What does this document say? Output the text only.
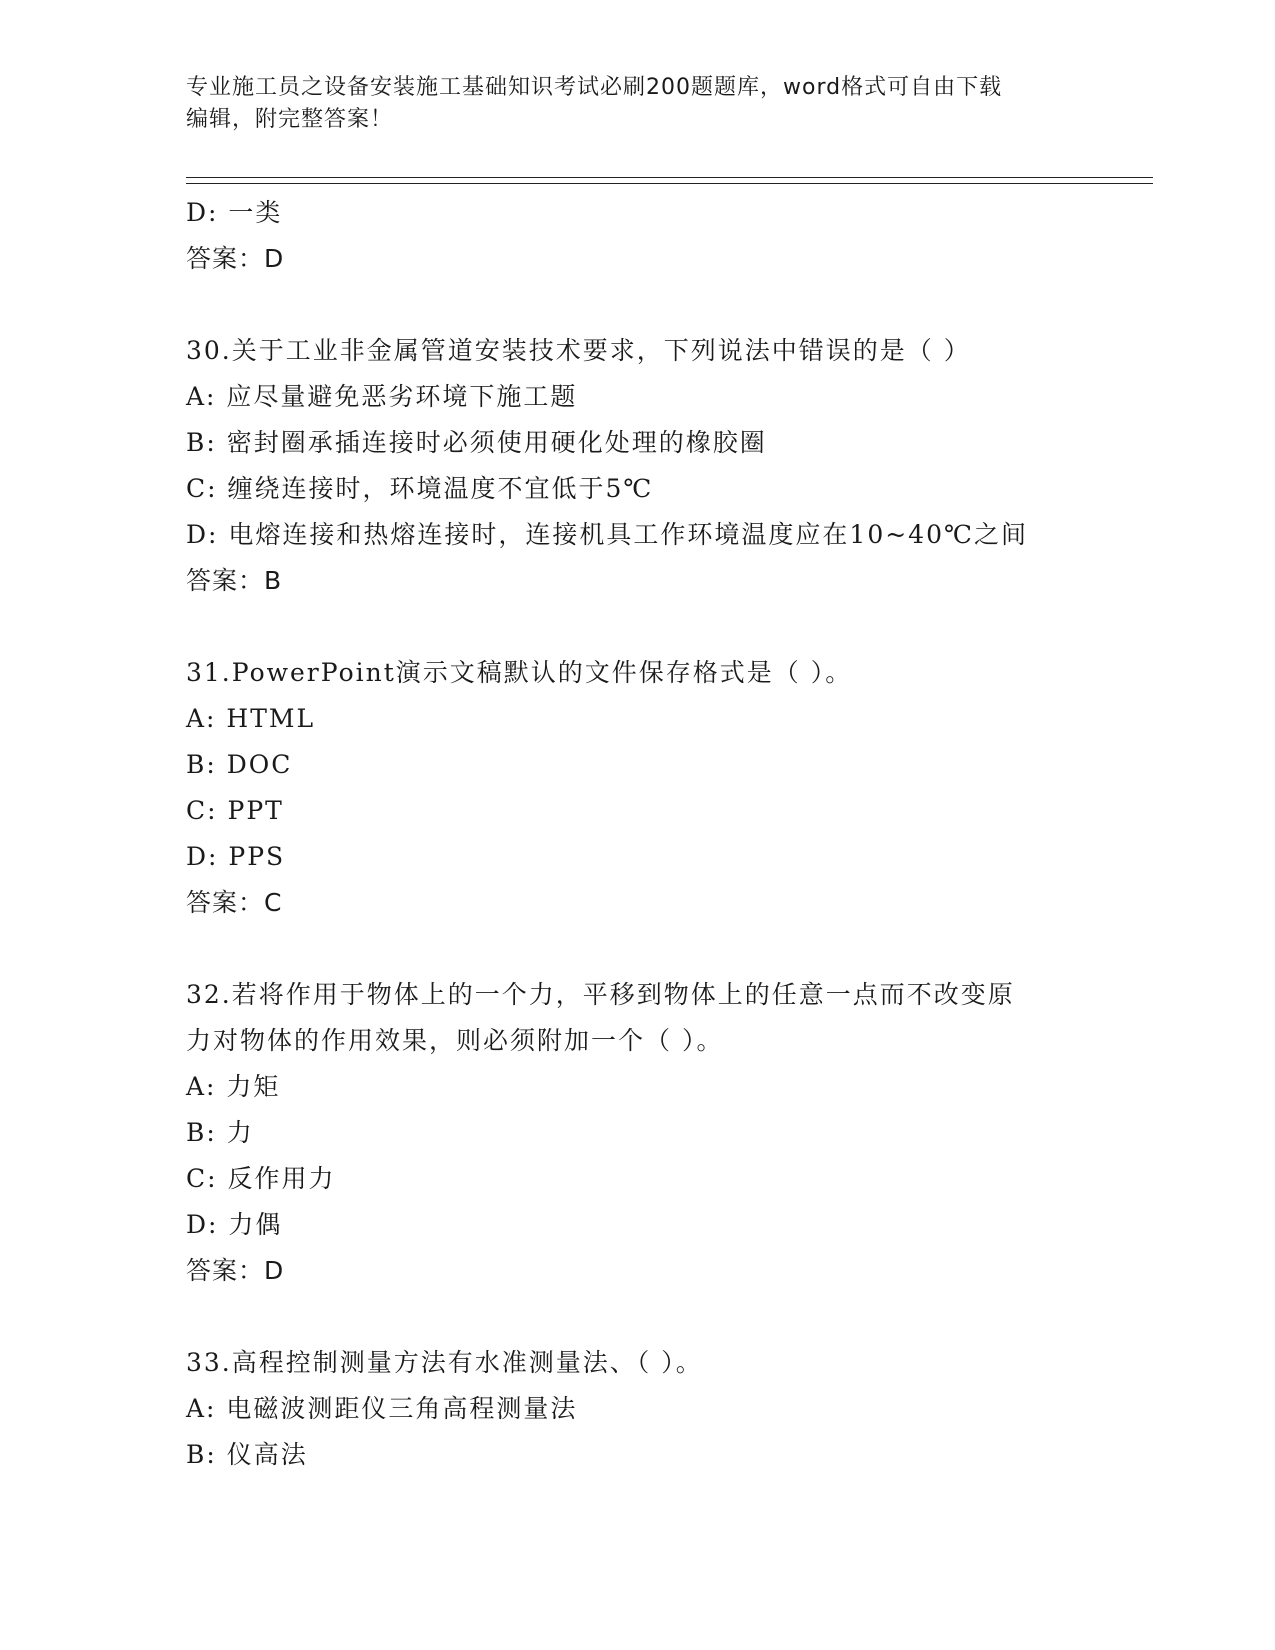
专业施工员之设备安装施工基础知识考试必刷200题题库，word格式可自由下载
编辑，附完整答案！
D: 一类
答案：D
30.关于工业非金属管道安装技术要求，下列说法中错误的是（ ）
A: 应尽量避免恶劣环境下施工题
B: 密封圈承插连接时必须使用硬化处理的橡胶圈
C: 缠绕连接时，环境温度不宜低于5℃
D: 电熔连接和热熔连接时，连接机具工作环境温度应在10~40℃之间
答案：B
31.PowerPoint演示文稿默认的文件保存格式是（ ）。
A: HTML
B: DOC
C: PPT
D: PPS
答案：C
32.若将作用于物体上的一个力，平移到物体上的任意一点而不改变原
力对物体的作用效果，则必须附加一个（ ）。
A: 力矩
B: 力
C: 反作用力
D: 力偶
答案：D
33.高程控制测量方法有水准测量法、（ ）。
A: 电磁波测距仪三角高程测量法
B: 仪高法
